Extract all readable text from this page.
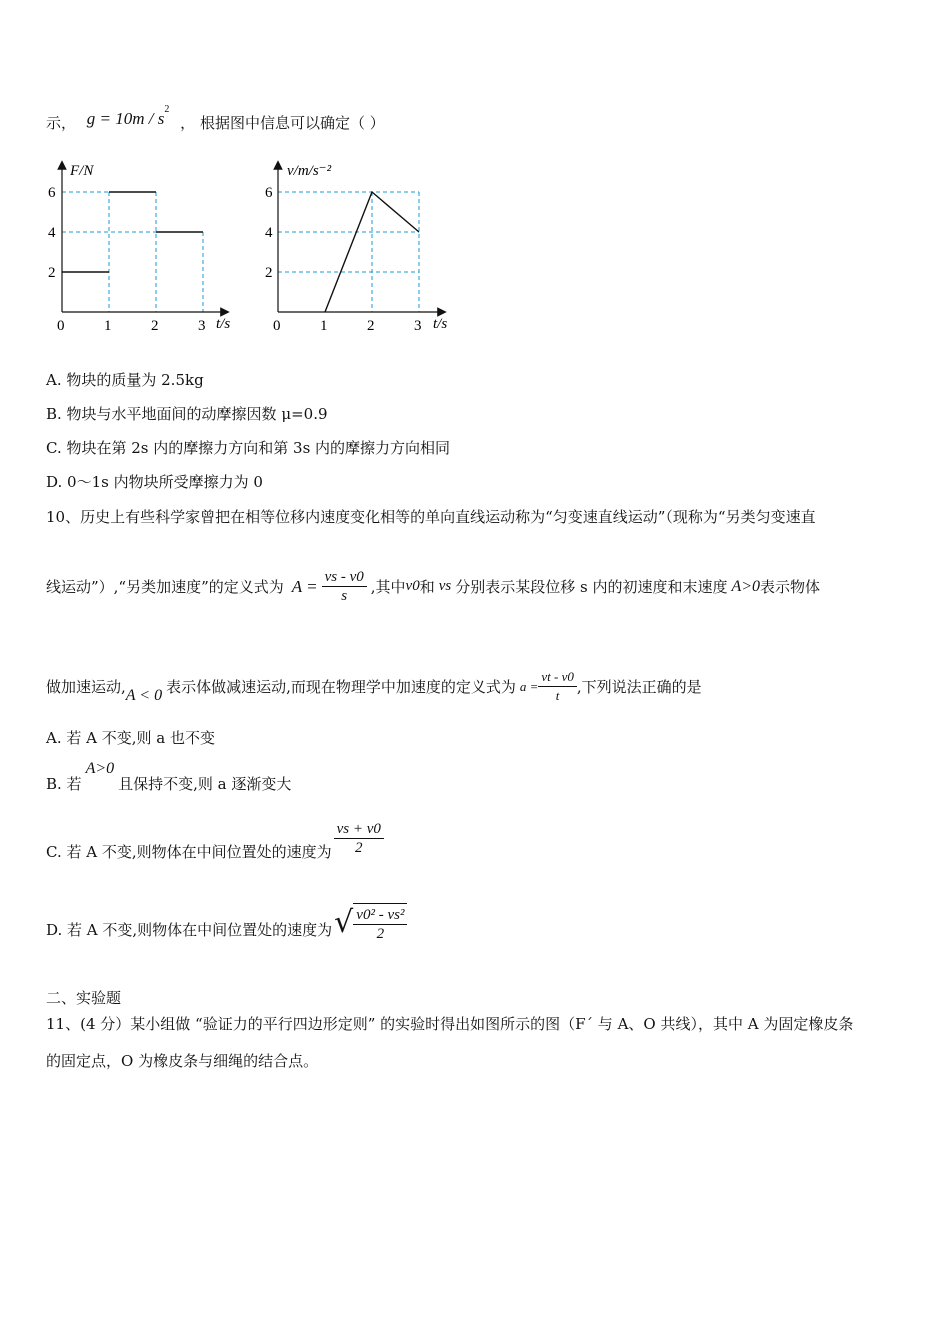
示， $g = 10m / s^2$ ， 根据图中信息可以确定（ ）
F/N
t/s
6
4
2
0	1	2	3
v/m/s⁻²
t/s
6
4
2
0	1	2	3
A. 物块的质量为 2.5kg
B. 物块与水平地面间的动摩擦因数 μ=0.9
C. 物块在第 2s 内的摩擦力方向和第 3s 内的摩擦力方向相同
D. 0～1s 内物块所受摩擦力为 0
10、历史上有些科学家曾把在相等位移内速度变化相等的单向直线运动称为“匀变速直线运动”（现称为“另类匀变速直
线运动”）,“另类加速度”的定义式为 $A = \frac{vs - v0}{s}$ ,其中 v0 和 vs 分别表示某段位移 s 内的初速度和末速度 A>0 表示物体
做加速运动, A < 0 表示体做减速运动,而现在物理学中加速度的定义式为 $a = \frac{vt - v0}{t}$ ,下列说法正确的是
A. 若 A 不变,则 a 也不变
B. 若
A>0
且保持不变,则 a 逐渐变大
C. 若 A 不变,则物体在中间位置处的速度为 $\frac{vs + v0}{2}$
D. 若 A 不变,则物体在中间位置处的速度为 √ $\frac{\text{v0² - vs²}}{2}$
二、实验题
11、(4 分）某小组做 “验证力的平行四边形定则” 的实验时得出如图所示的图（F´ 与 A、O 共线），其中 A 为固定橡皮条
的固定点，O 为橡皮条与细绳的结合点。
